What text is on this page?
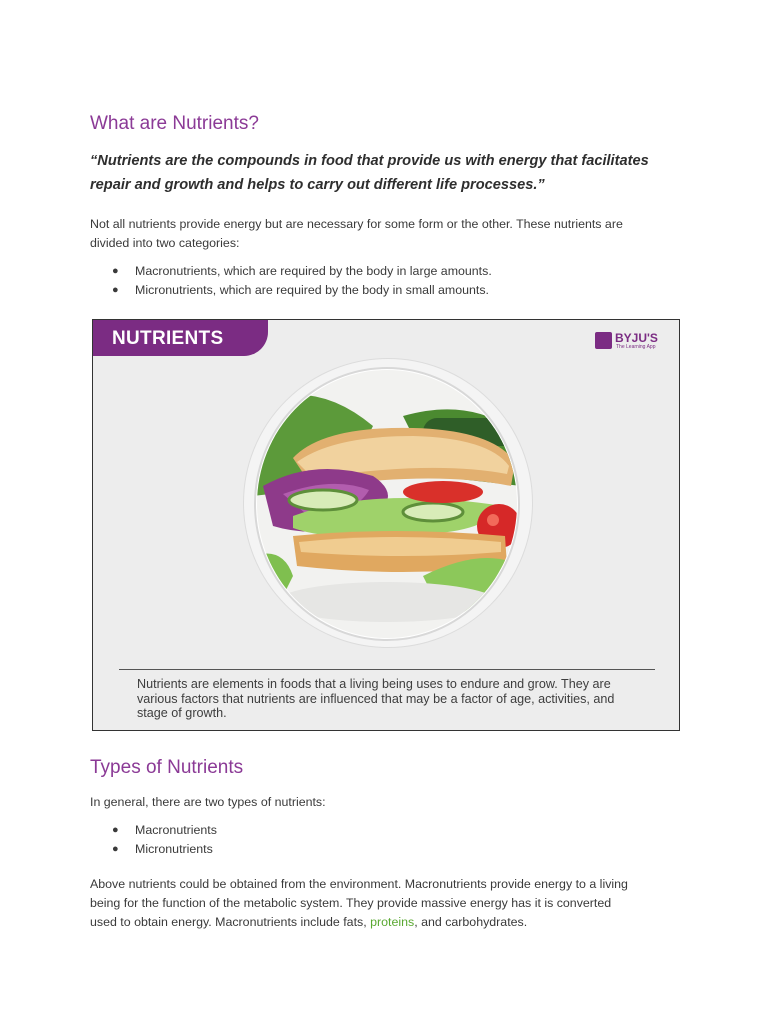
What are Nutrients?
“Nutrients are the compounds in food that provide us with energy that facilitates
repair and growth and helps to carry out different life processes.”
Not all nutrients provide energy but are necessary for some form or the other. These nutrients are
divided into two categories:
● Macronutrients, which are required by the body in large amounts.
● Micronutrients, which are required by the body in small amounts.
NUTRIENTS	BYJU'S
The Learning App
Nutrients are elements in foods that a living being uses to endure and grow. They are
various factors that nutrients are influenced that may be a factor of age, activities, and
stage of growth.
Types of Nutrients
In general, there are two types of nutrients:
● Macronutrients
● Micronutrients
Above nutrients could be obtained from the environment. Macronutrients provide energy to a living
being for the function of the metabolic system. They provide massive energy has it is converted
used to obtain energy. Macronutrients include fats, proteins, and carbohydrates.
